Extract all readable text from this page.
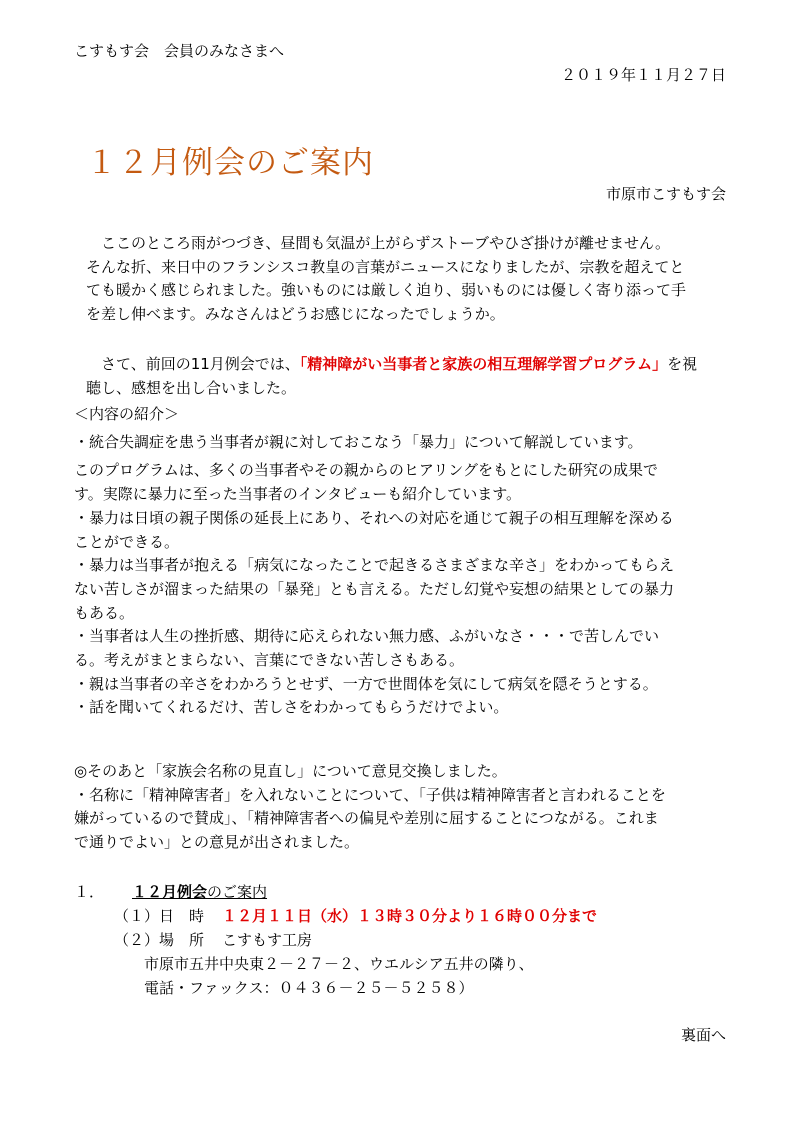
こすもす会　会員のみなさまへ
２０１９年１１月２７日
１２月例会のご案内
市原市こすもす会

　ここのところ雨がつづき、昼間も気温が上がらずストーブやひざ掛けが離せません。

そんな折、来日中のフランシスコ教皇の言葉がニュースになりましたが、宗教を超えてと

ても暖かく感じられました。強いものには厳しく迫り、弱いものには優しく寄り添って手

を差し伸べます。みなさんはどうお感じになったでしょうか。

　さて、前回の11月例会では、「精神障がい当事者と家族の相互理解学習プログラム」を視

聴し、感想を出し合いました。

＜内容の紹介＞

・統合失調症を患う当事者が親に対しておこなう「暴力」について解説しています。

このプログラムは、多くの当事者やその親からのヒアリングをもとにした研究の成果で

す。実際に暴力に至った当事者のインタビューも紹介しています。

・暴力は日頃の親子関係の延長上にあり、それへの対応を通じて親子の相互理解を深める

ことができる。

・暴力は当事者が抱える「病気になったことで起きるさまざまな辛さ」をわかってもらえ

ない苦しさが溜まった結果の「暴発」とも言える。ただし幻覚や妄想の結果としての暴力

もある。

・当事者は人生の挫折感、期待に応えられない無力感、ふがいなさ・・・で苦しんでい

る。考えがまとまらない、言葉にできない苦しさもある。

・親は当事者の辛さをわかろうとせず、一方で世間体を気にして病気を隠そうとする。

・話を聞いてくれるだけ、苦しさをわかってもらうだけでよい。

◎そのあと「家族会名称の見直し」について意見交換しました。

・名称に「精神障害者」を入れないことについて、「子供は精神障害者と言われることを

嫌がっているので賛成」、「精神障害者への偏見や差別に屈することにつながる。これま

で通りでよい」との意見が出されました。

１． １２月例会のご案内
（１）日　時 １２月１１日（水）１３時３０分より１６時００分まで
（２）場　所 こすもす工房
市原市五井中央東２－２７－２、ウエルシア五井の隣り、
電話・ファックス：０４３６－２５－５２５８）
裏面へ
